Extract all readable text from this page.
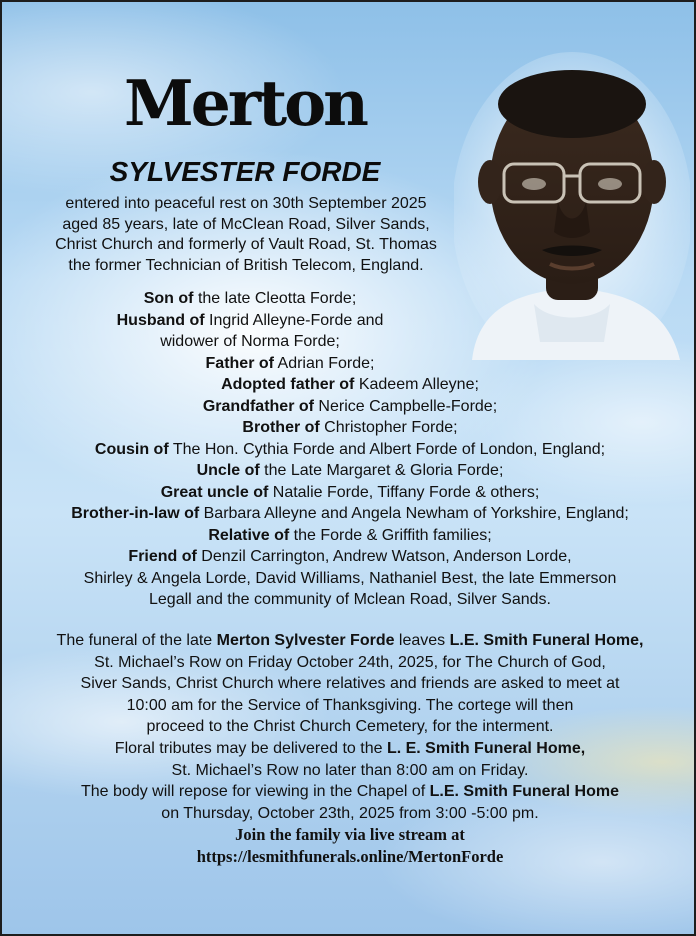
Merton
SYLVESTER FORDE
entered into peaceful rest on 30th September 2025
aged 85 years, late of McClean Road, Silver Sands,
Christ Church and formerly of Vault Road, St. Thomas
the former Technician of British Telecom, England.
Son of the late Cleotta Forde;
Husband of Ingrid Alleyne-Forde and
widower of Norma Forde;
Father of Adrian Forde;
Adopted father of Kadeem Alleyne;
Grandfather of Nerice Campbelle-Forde;
Brother of Christopher Forde;
Cousin of The Hon. Cythia Forde and Albert Forde of London, England;
Uncle of the Late Margaret & Gloria Forde;
Great uncle of Natalie Forde, Tiffany Forde & others;
Brother-in-law of Barbara Alleyne and Angela Newham of Yorkshire, England;
Relative of the Forde & Griffith families;
Friend of Denzil Carrington, Andrew Watson, Anderson Lorde,
Shirley & Angela Lorde, David Williams, Nathaniel Best, the late Emmerson
Legall and the community of Mclean Road, Silver Sands.
The funeral of the late Merton Sylvester Forde leaves L.E. Smith Funeral Home,
St. Michael’s Row on Friday October 24th, 2025, for The Church of God,
Siver Sands, Christ Church where relatives and friends are asked to meet at
10:00 am for the Service of Thanksgiving. The cortege will then
proceed to the Christ Church Cemetery, for the interment.
Floral tributes may be delivered to the L. E. Smith Funeral Home,
St. Michael’s Row no later than 8:00 am on Friday.
The body will repose for viewing in the Chapel of L.E. Smith Funeral Home
on Thursday, October 23th, 2025 from 3:00 -5:00 pm.
Join the family via live stream at
https://lesmithfunerals.online/MertonForde
